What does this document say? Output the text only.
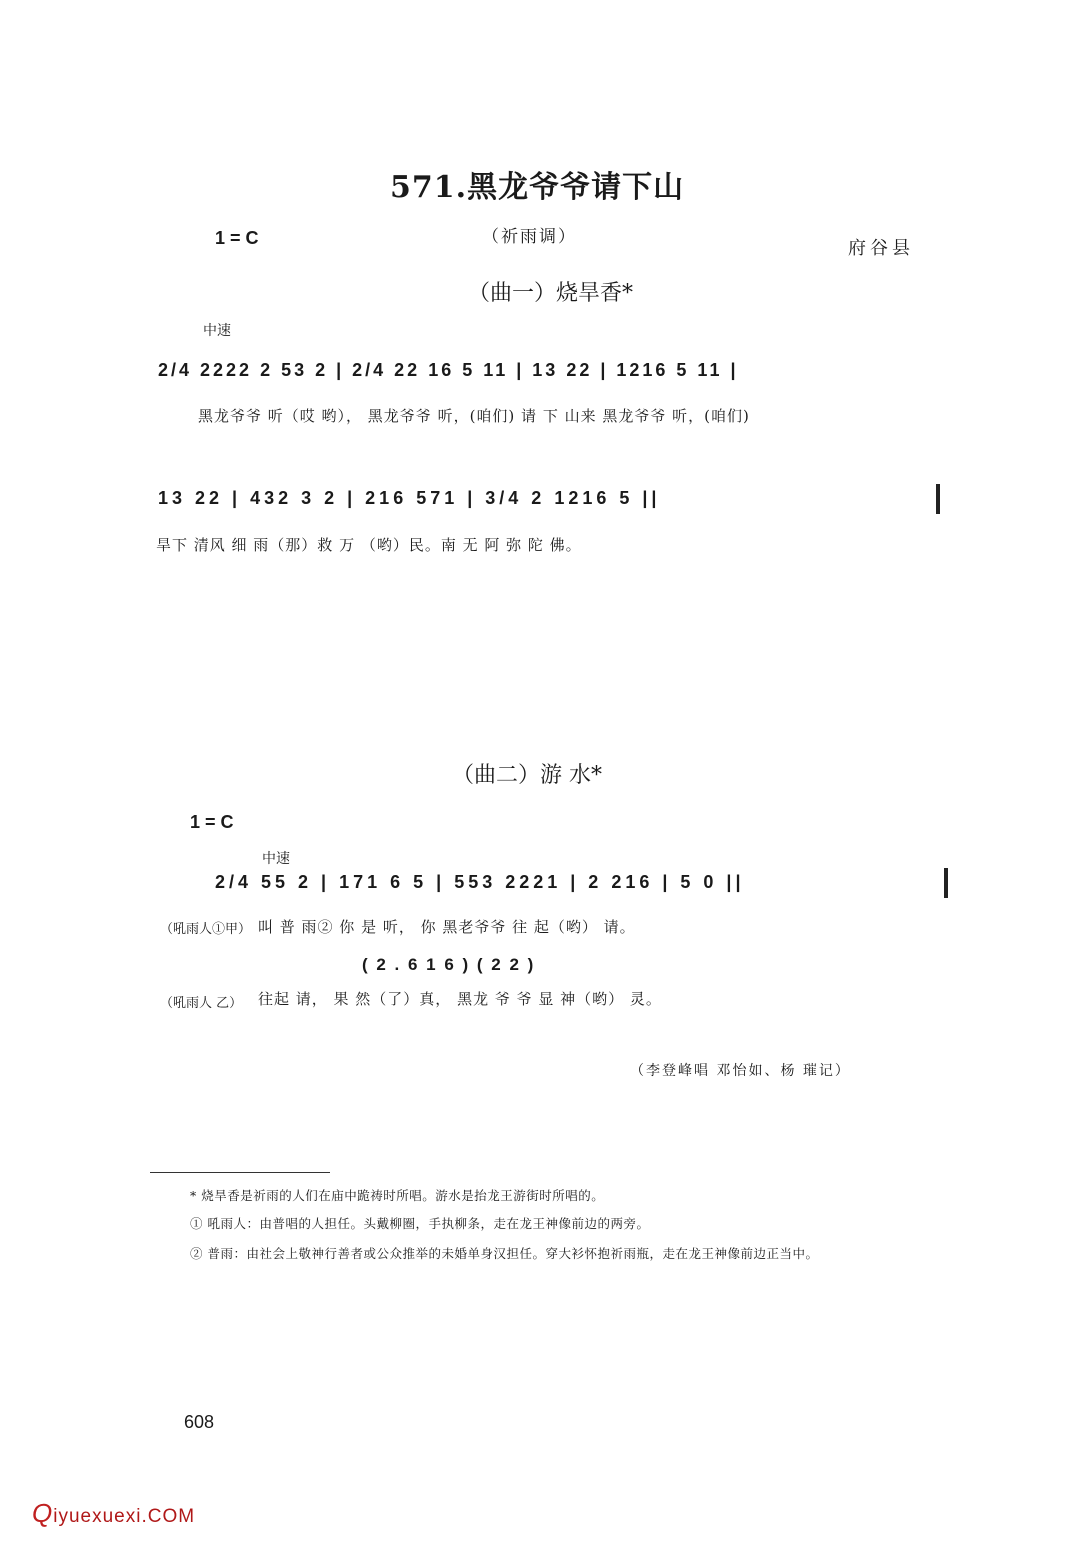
571.黑龙爷爷请下山
（祈雨调）
1 = C	府谷县
（曲一）烧旱香*
中速
2/4 2222 2 53 2 | 2/4 22 16 5 11 | 13 22 | 1216 5 11 |
黑龙爷爷 听（哎 哟）， 黑龙爷爷 听，(咱们) 请 下 山来 黑龙爷爷 听，(咱们)
13 22 | 432 3 2 | 216 571 | 3/4 2 1216 5 ||
旱下 清风 细 雨（那）救 万 （哟）民。南 无 阿 弥 陀 佛。
（曲二）游 水*
1 = C
中速
2/4 55 2 | 171 6 5 | 553 2221 | 2 216 | 5 0 ||
（吼雨人①甲） 叫 普 雨② 你 是 听， 你 黑老爷爷 往 起（哟） 请。
( 2 . 6 1 6 ) ( 2 2 )
（吼雨人 乙） 往起 请， 果 然（了）真， 黑龙 爷 爷 显 神（哟） 灵。
（李登峰唱 邓怡如、杨 璀记）
* 烧旱香是祈雨的人们在庙中跪祷时所唱。游水是抬龙王游街时所唱的。
① 吼雨人：由普唱的人担任。头戴柳圈，手执柳条，走在龙王神像前边的两旁。
② 普雨：由社会上敬神行善者或公众推举的未婚单身汉担任。穿大衫怀抱祈雨瓶，走在龙王神像前边正当中。
608
Qiyuexuexi.COM
